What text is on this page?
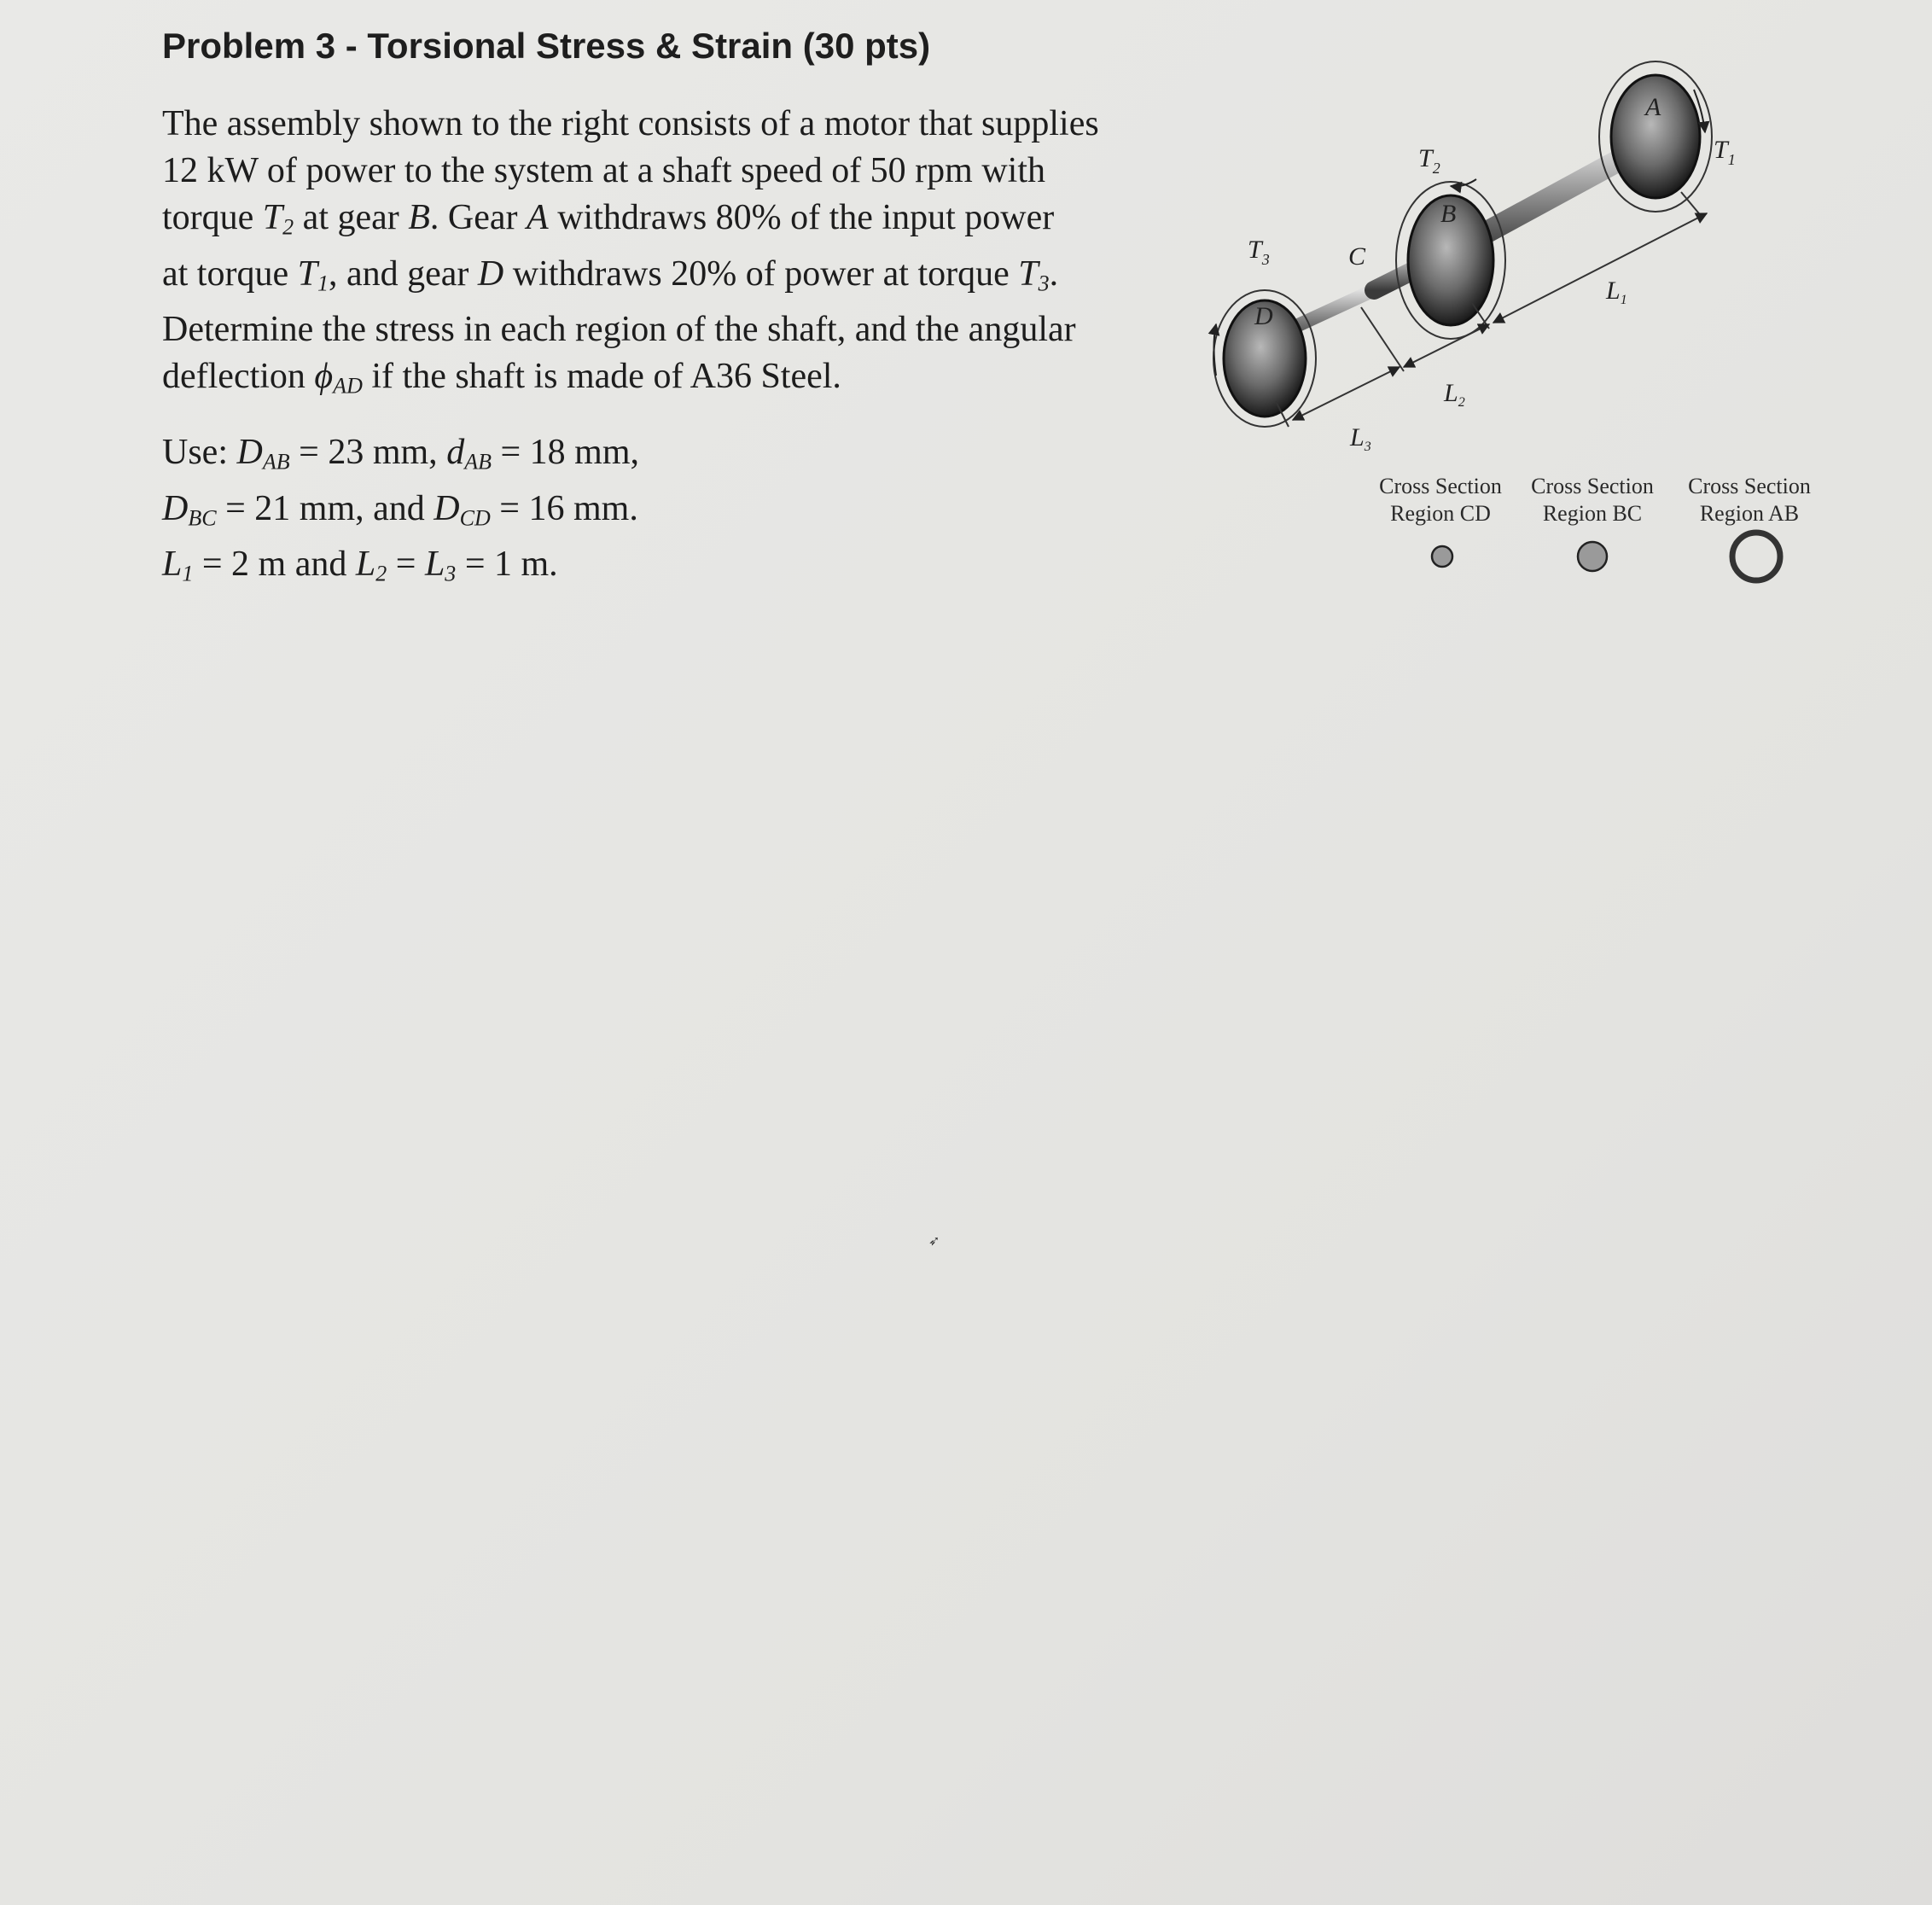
Problem 3 - Torsional Stress & Strain (30 pts)
The assembly shown to the right consists of a motor that supplies
12 kW of power to the system at a shaft speed of 50 rpm with
torque $T_2$ at gear B. Gear A withdraws 80% of the input power
at torque $T_1$, and gear D withdraws 20% of power at torque $T_3$.
Determine the stress in each region of the shaft, and the angular
deflection $\phi_{AD}$ if the shaft is made of A36 Steel.
Use: $D_{AB} = 23$ mm, $d_{AB} = 18$ mm,
$D_{BC} = 21$ mm, and $D_{CD} = 16$ mm.
$L_1 = 2$ m and $L_2 = L_3 = 1$ m.
D
B
A
C
$T_1$
$T_2$
$T_3$
$L_3$
$L_2$
$L_1$
Cross Section
Region CD
Cross Section
Region BC
Cross Section
Region AB
➶
